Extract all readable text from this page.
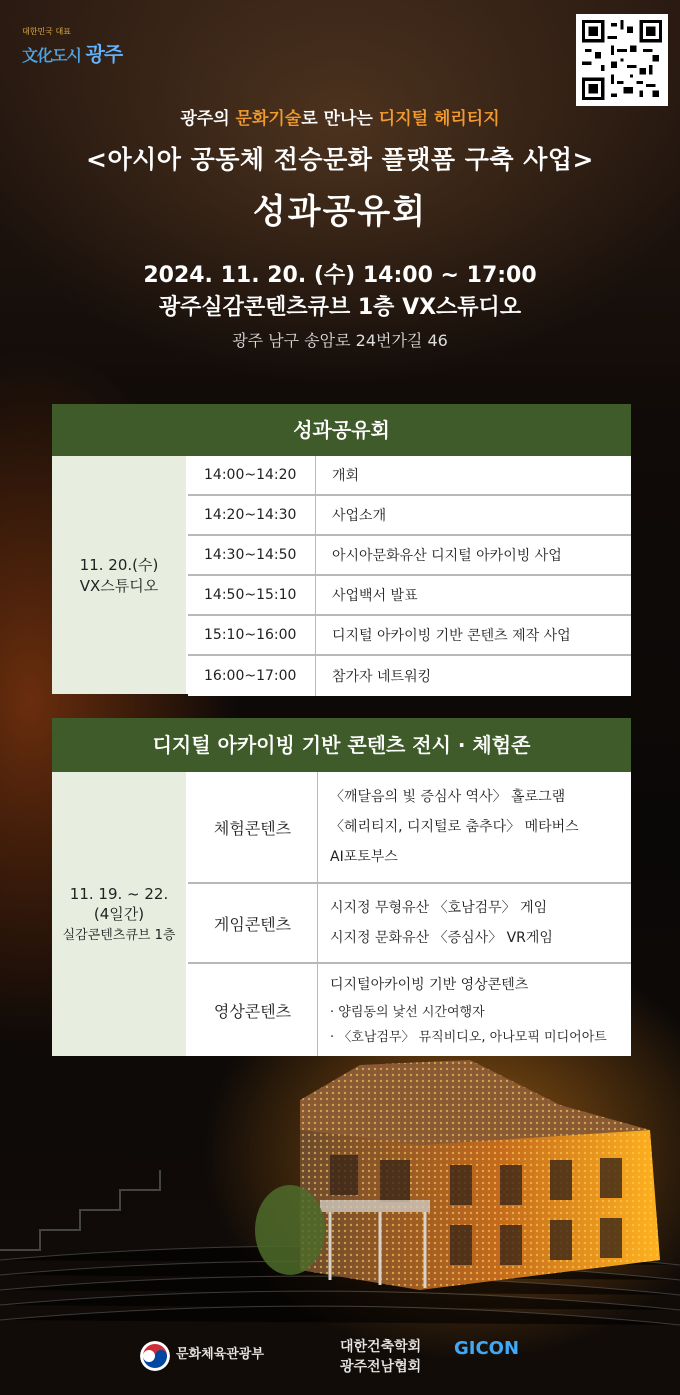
대한민국 대표
文化도시 광주
광주의 문화기술로 만나는 디지털 헤리티지
<아시아 공동체 전승문화 플랫폼 구축 사업>
성과공유회
2024. 11. 20. (수) 14:00 ~ 17:00
광주실감콘텐츠큐브 1층 VX스튜디오
광주 남구 송암로 24번가길 46
성과공유회
11. 20.(수)
VX스튜디오
14:00~14:20	개회
14:20~14:30	사업소개
14:30~14:50	아시아문화유산 디지털 아카이빙 사업
14:50~15:10	사업백서 발표
15:10~16:00	디지털 아카이빙 기반 콘텐츠 제작 사업
16:00~17:00	참가자 네트워킹
디지털 아카이빙 기반 콘텐츠 전시 · 체험존
11. 19. ~ 22.
(4일간)
실감콘텐츠큐브 1층
체험콘텐츠
〈깨달음의 빛 증심사 역사〉 홀로그램
〈헤리티지, 디지털로 춤추다〉 메타버스
AI포토부스
게임콘텐츠
시지정 무형유산 〈호남검무〉 게임
시지정 문화유산 〈증심사〉 VR게임
영상콘텐츠
디지털아카이빙 기반 영상콘텐츠
· 양림동의 낯선 시간여행자
· 〈호남검무〉 뮤직비디오, 아나모픽 미디어아트
문화체육관광부	대한건축학회
광주전남협회
GICON
